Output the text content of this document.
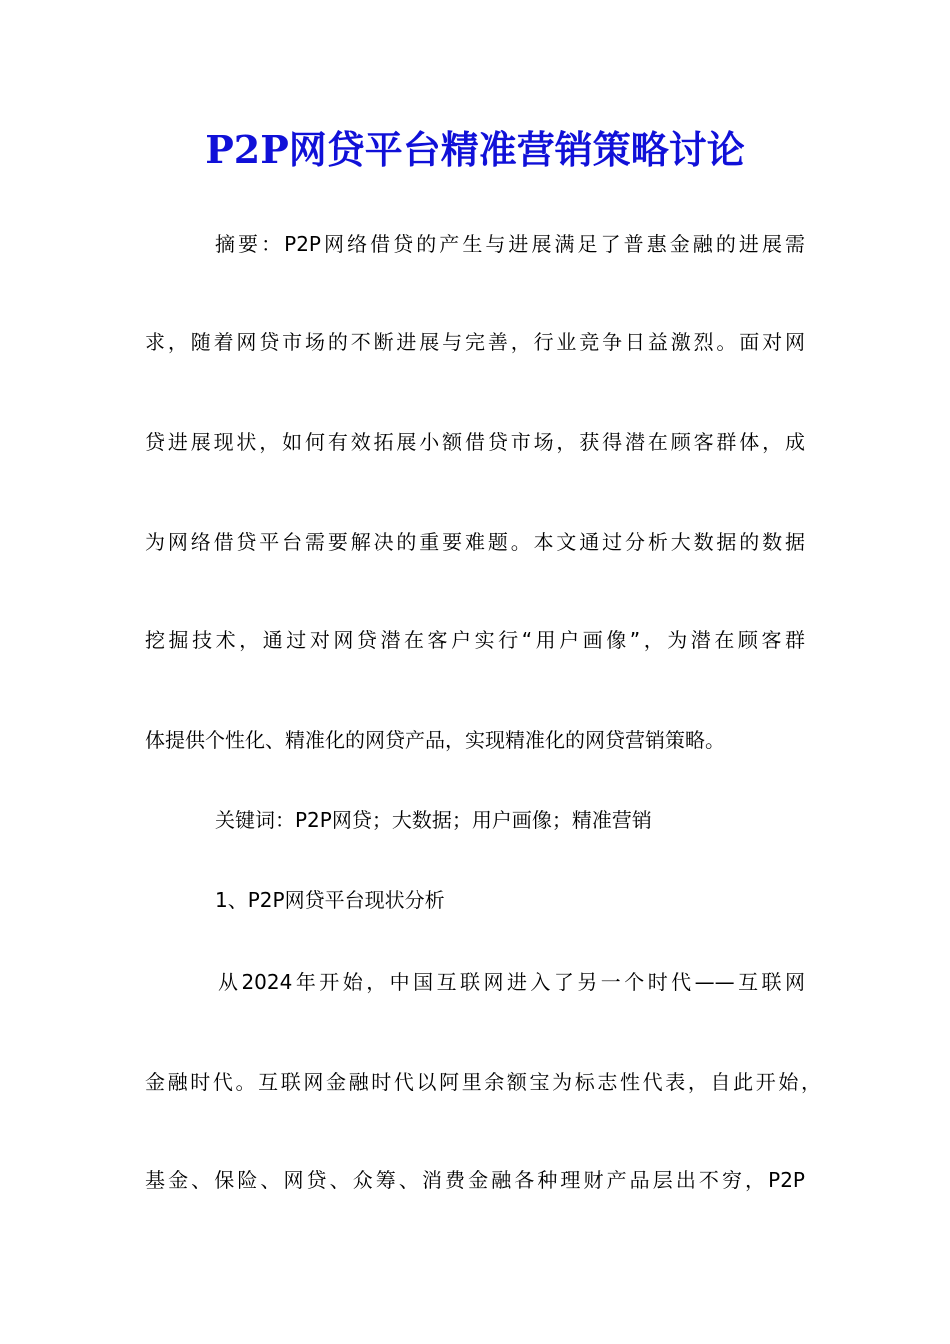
P2P网贷平台精准营销策略讨论
摘要：P2P网络借贷的产生与进展满足了普惠金融的进展需
求，随着网贷市场的不断进展与完善，行业竞争日益激烈。面对网
贷进展现状，如何有效拓展小额借贷市场，获得潜在顾客群体，成
为网络借贷平台需要解决的重要难题。本文通过分析大数据的数据
挖掘技术，通过对网贷潜在客户实行“用户画像”，为潜在顾客群
体提供个性化、精准化的网贷产品，实现精准化的网贷营销策略。
关键词：P2P网贷；大数据；用户画像；精准营销
1、P2P网贷平台现状分析
从2024年开始，中国互联网进入了另一个时代——互联网
金融时代。互联网金融时代以阿里余额宝为标志性代表，自此开始，
基金、保险、网贷、众筹、消费金融各种理财产品层出不穷，P2P
